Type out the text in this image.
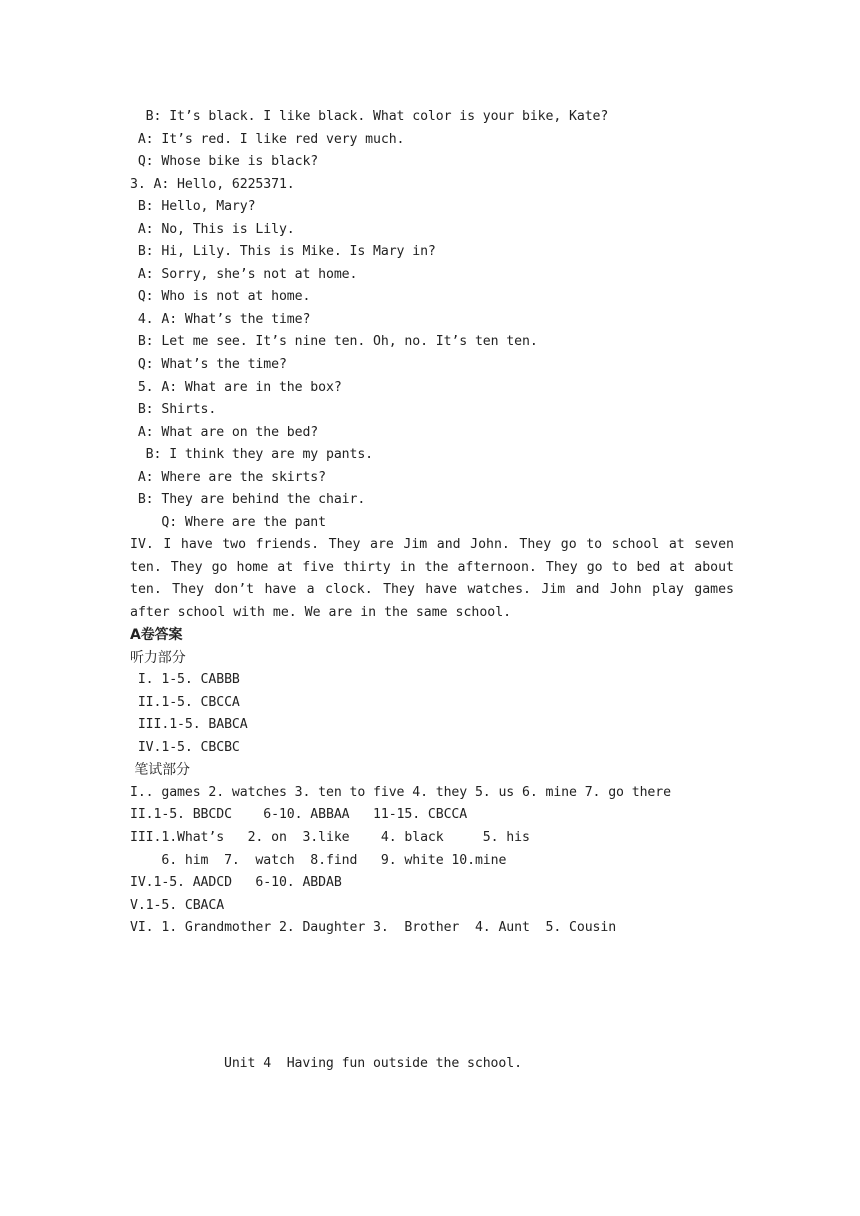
B: It’s black. I like black. What color is your bike, Kate?
A: It’s red. I like red very much.
Q: Whose bike is black?
3. A: Hello, 6225371.
B: Hello, Mary?
A: No, This is Lily.
B: Hi, Lily. This is Mike. Is Mary in?
A: Sorry, she’s not at home.
Q: Who is not at home.
4. A: What’s the time?
B: Let me see. It’s nine ten. Oh, no. It’s ten ten.
Q: What’s the time?
5. A: What are in the box?
B: Shirts.
A: What are on the bed?
B: I think they are my pants.
A: Where are the skirts?
B: They are behind the chair.
Q: Where are the pant
IV. I have two friends. They are Jim and John. They go to school at seven ten. They go home at five thirty in the afternoon. They go to bed at about ten. They don’t have a clock. They have watches. Jim and John play games after school with me. We are in the same school.
A卷答案
听力部分
I. 1-5. CABBB
II.1-5. CBCCA
III.1-5. BABCA
IV.1-5. CBCBC
笔试部分
I.. games 2. watches 3. ten to five 4. they 5. us 6. mine 7. go there
II.1-5. BBCDC    6-10. ABBAA   11-15. CBCCA
III.1.What’s   2. on  3.like    4. black     5. his
6. him  7.  watch  8.find   9. white 10.mine
IV.1-5. AADCD   6-10. ABDAB
V.1-5. CBACA
VI. 1. Grandmother 2. Daughter 3.  Brother  4. Aunt  5. Cousin
Unit 4  Having fun outside the school.
